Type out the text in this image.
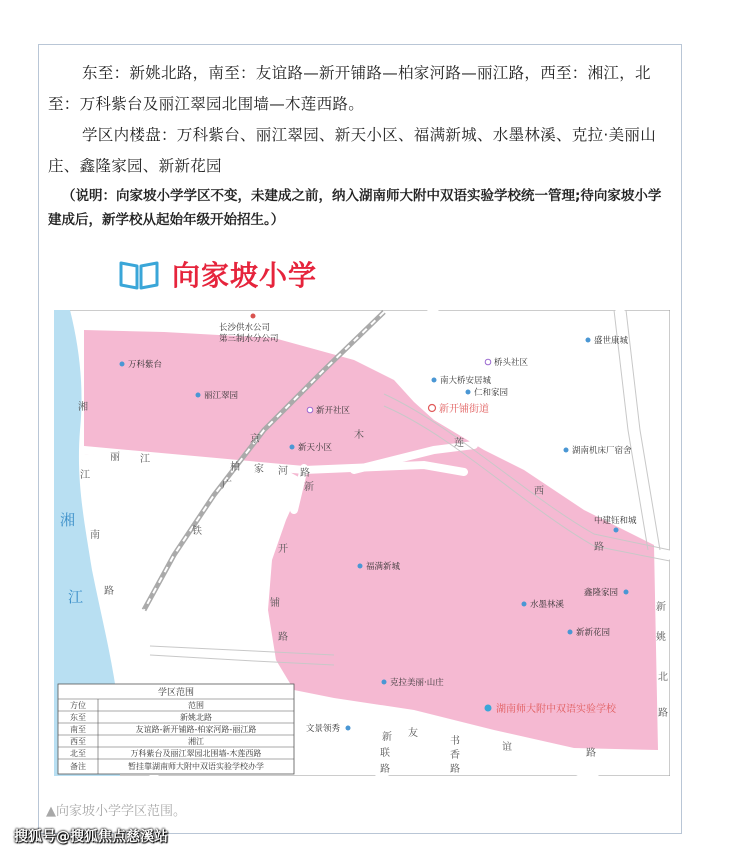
东至：新姚北路，南至：友谊路—新开铺路—柏家河路—丽江路，西至：湘江，北至：万科紫台及丽江翠园北围墙—木莲西路。

学区内楼盘：万科紫台、丽江翠园、新天小区、福满新城、水墨林溪、克拉·美丽山庄、鑫隆家园、新新花园

（说明：向家坡小学学区不变，未建成之前，纳入湖南师大附中双语实验学校统一管理;待向家坡小学建成后，新学校从起始年级开始招生。）
向家坡小学
湘
江
南
路
京
广
铁
新
开
铺
路
丽 江
柏 家 河 路
木
莲
西
路
新
姚
北
路
友
谊
路
新
联
路
书
香
路
湘
江
长沙供水公司
第三制水分公司
万科紫台
丽江翠园
新开社区
新天小区
桥头社区
南大桥安居城
仁和家园
新开铺街道
盛世康城
湖南机床厂宿舍
中建钰和城
福满新城
鑫隆家园
水墨林溪
新新花园
克拉美丽·山庄
湖南师大附中双语实验学校
文景领秀
学区范围
方位	范围
东至	新姚北路
南至	友谊路-新开铺路-柏家河路-丽江路
西至	湘江
北至	万科紫台及丽江翠园北围墙-木莲西路
备注	暂挂靠湖南师大附中双语实验学校办学
▲向家坡小学学区范围。
搜狐号@搜狐焦点慈溪站
